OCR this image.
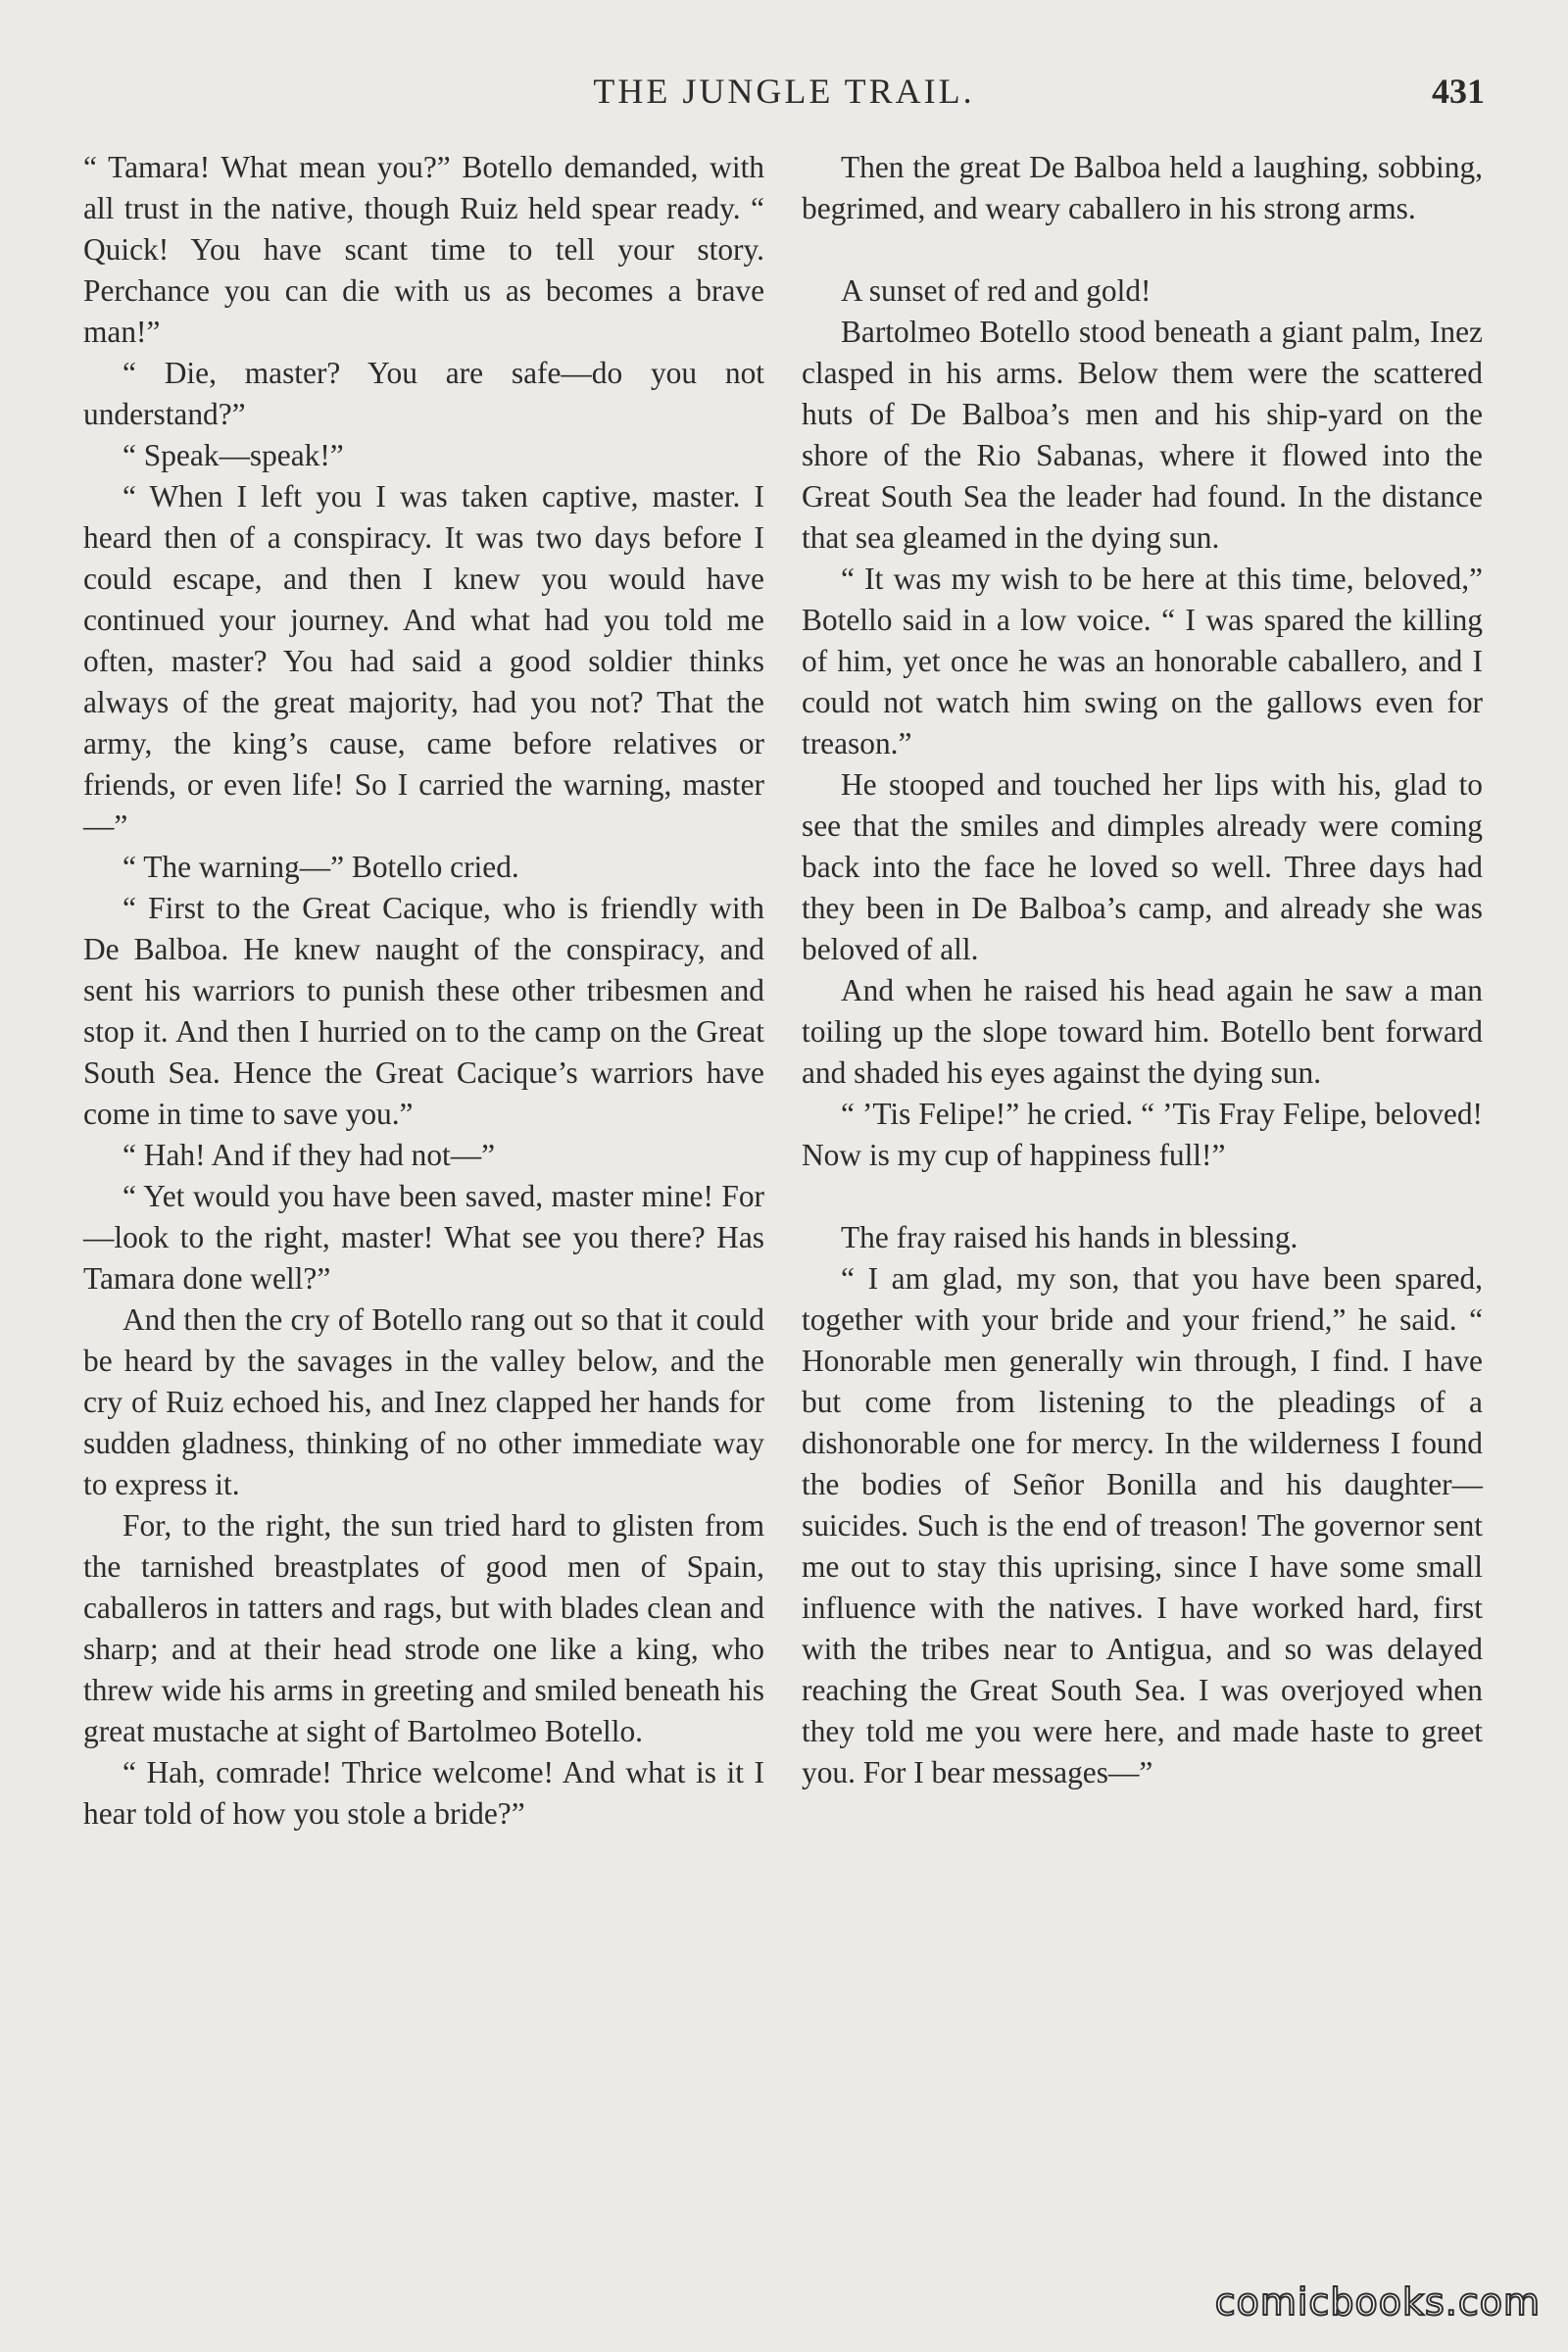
THE JUNGLE TRAIL.	431

“ Tamara! What mean you?” Botello demanded, with all trust in the native, though Ruiz held spear ready. “ Quick! You have scant time to tell your story. Perchance you can die with us as becomes a brave man!”

“ Die, master? You are safe—do you not understand?”

“ Speak—speak!”

“ When I left you I was taken captive, master. I heard then of a conspiracy. It was two days before I could escape, and then I knew you would have continued your journey. And what had you told me often, master? You had said a good soldier thinks always of the great majority, had you not? That the army, the king’s cause, came before relatives or friends, or even life! So I carried the warning, master—”

“ The warning—” Botello cried.

“ First to the Great Cacique, who is friendly with De Balboa. He knew naught of the conspiracy, and sent his warriors to punish these other tribesmen and stop it. And then I hurried on to the camp on the Great South Sea. Hence the Great Cacique’s warriors have come in time to save you.”

“ Hah! And if they had not—”

“ Yet would you have been saved, master mine! For—look to the right, master! What see you there? Has Tamara done well?”

And then the cry of Botello rang out so that it could be heard by the savages in the valley below, and the cry of Ruiz echoed his, and Inez clapped her hands for sudden gladness, thinking of no other immediate way to express it.

For, to the right, the sun tried hard to glisten from the tarnished breastplates of good men of Spain, caballeros in tatters and rags, but with blades clean and sharp; and at their head strode one like a king, who threw wide his arms in greeting and smiled beneath his great mustache at sight of Bartolmeo Botello.

“ Hah, comrade! Thrice welcome! And what is it I hear told of how you stole a bride?”

Then the great De Balboa held a laughing, sobbing, begrimed, and weary caballero in his strong arms.

A sunset of red and gold!

Bartolmeo Botello stood beneath a giant palm, Inez clasped in his arms. Below them were the scattered huts of De Balboa’s men and his ship-yard on the shore of the Rio Sabanas, where it flowed into the Great South Sea the leader had found. In the distance that sea gleamed in the dying sun.

“ It was my wish to be here at this time, beloved,” Botello said in a low voice. “ I was spared the killing of him, yet once he was an honorable caballero, and I could not watch him swing on the gallows even for treason.”

He stooped and touched her lips with his, glad to see that the smiles and dimples already were coming back into the face he loved so well. Three days had they been in De Balboa’s camp, and already she was beloved of all.

And when he raised his head again he saw a man toiling up the slope toward him. Botello bent forward and shaded his eyes against the dying sun.

“ ’Tis Felipe!” he cried. “ ’Tis Fray Felipe, beloved! Now is my cup of happiness full!”

The fray raised his hands in blessing.

“ I am glad, my son, that you have been spared, together with your bride and your friend,” he said. “ Honorable men generally win through, I find. I have but come from listening to the pleadings of a dishonorable one for mercy. In the wilderness I found the bodies of Señor Bonilla and his daughter—suicides. Such is the end of treason! The governor sent me out to stay this uprising, since I have some small influence with the natives. I have worked hard, first with the tribes near to Antigua, and so was delayed reaching the Great South Sea. I was overjoyed when they told me you were here, and made haste to greet you. For I bear messages—”

comicbooks.com
